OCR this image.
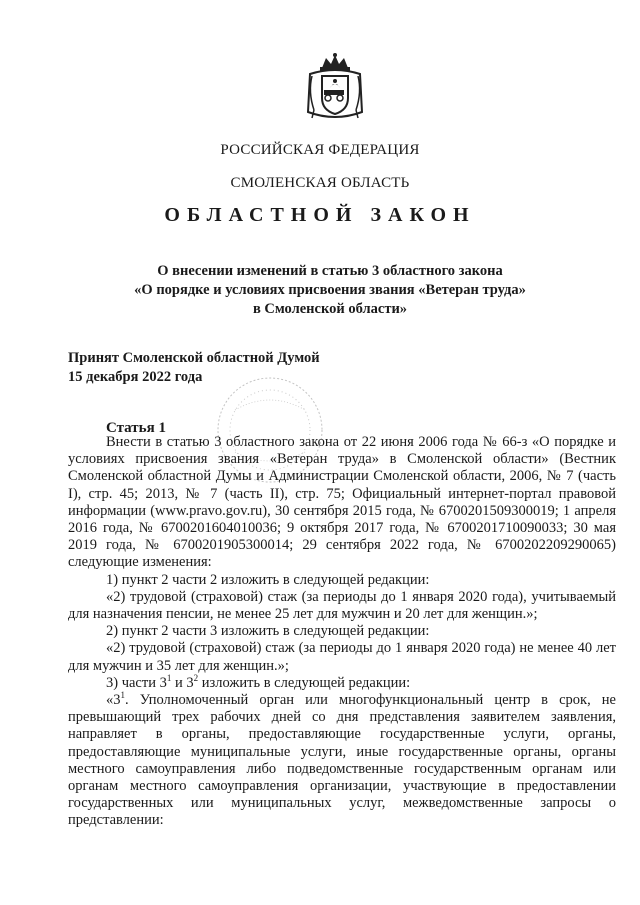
РОССИЙСКАЯ ФЕДЕРАЦИЯ
СМОЛЕНСКАЯ ОБЛАСТЬ
ОБЛАСТНОЙ ЗАКОН
О внесении изменений в статью 3 областного закона
«О порядке и условиях присвоения звания «Ветеран труда»
в Смоленской области»
Принят Смоленской областной Думой
15 декабря 2022 года
Статья 1

Внести в статью 3 областного закона от 22 июня 2006 года № 66-з «О порядке и условиях присвоения звания «Ветеран труда» в Смоленской области» (Вестник Смоленской областной Думы и Администрации Смоленской области, 2006, № 7 (часть I), стр. 45; 2013, № 7 (часть II), стр. 75; Официальный интернет-портал правовой информации (www.pravo.gov.ru), 30 сентября 2015 года, № 6700201509300019; 1 апреля 2016 года, № 6700201604010036; 9 октября 2017 года, № 6700201710090033; 30 мая 2019 года, № 6700201905300014; 29 сентября 2022 года, № 6700202209290065) следующие изменения:

1) пункт 2 части 2 изложить в следующей редакции:

«2) трудовой (страховой) стаж (за периоды до 1 января 2020 года), учитываемый для назначения пенсии, не менее 25 лет для мужчин и 20 лет для женщин.»;

2) пункт 2 части 3 изложить в следующей редакции:

«2) трудовой (страховой) стаж (за периоды до 1 января 2020 года) не менее 40 лет для мужчин и 35 лет для женщин.»;

3) части $3^1$ и $3^2$ изложить в следующей редакции:

«$3^1$. Уполномоченный орган или многофункциональный центр в срок, не превышающий трех рабочих дней со дня представления заявителем заявления, направляет в органы, предоставляющие государственные услуги, органы, предоставляющие муниципальные услуги, иные государственные органы, органы местного самоуправления либо подведомственные государственным органам или органам местного самоуправления организации, участвующие в предоставлении государственных или муниципальных услуг, межведомственные запросы о представлении:
